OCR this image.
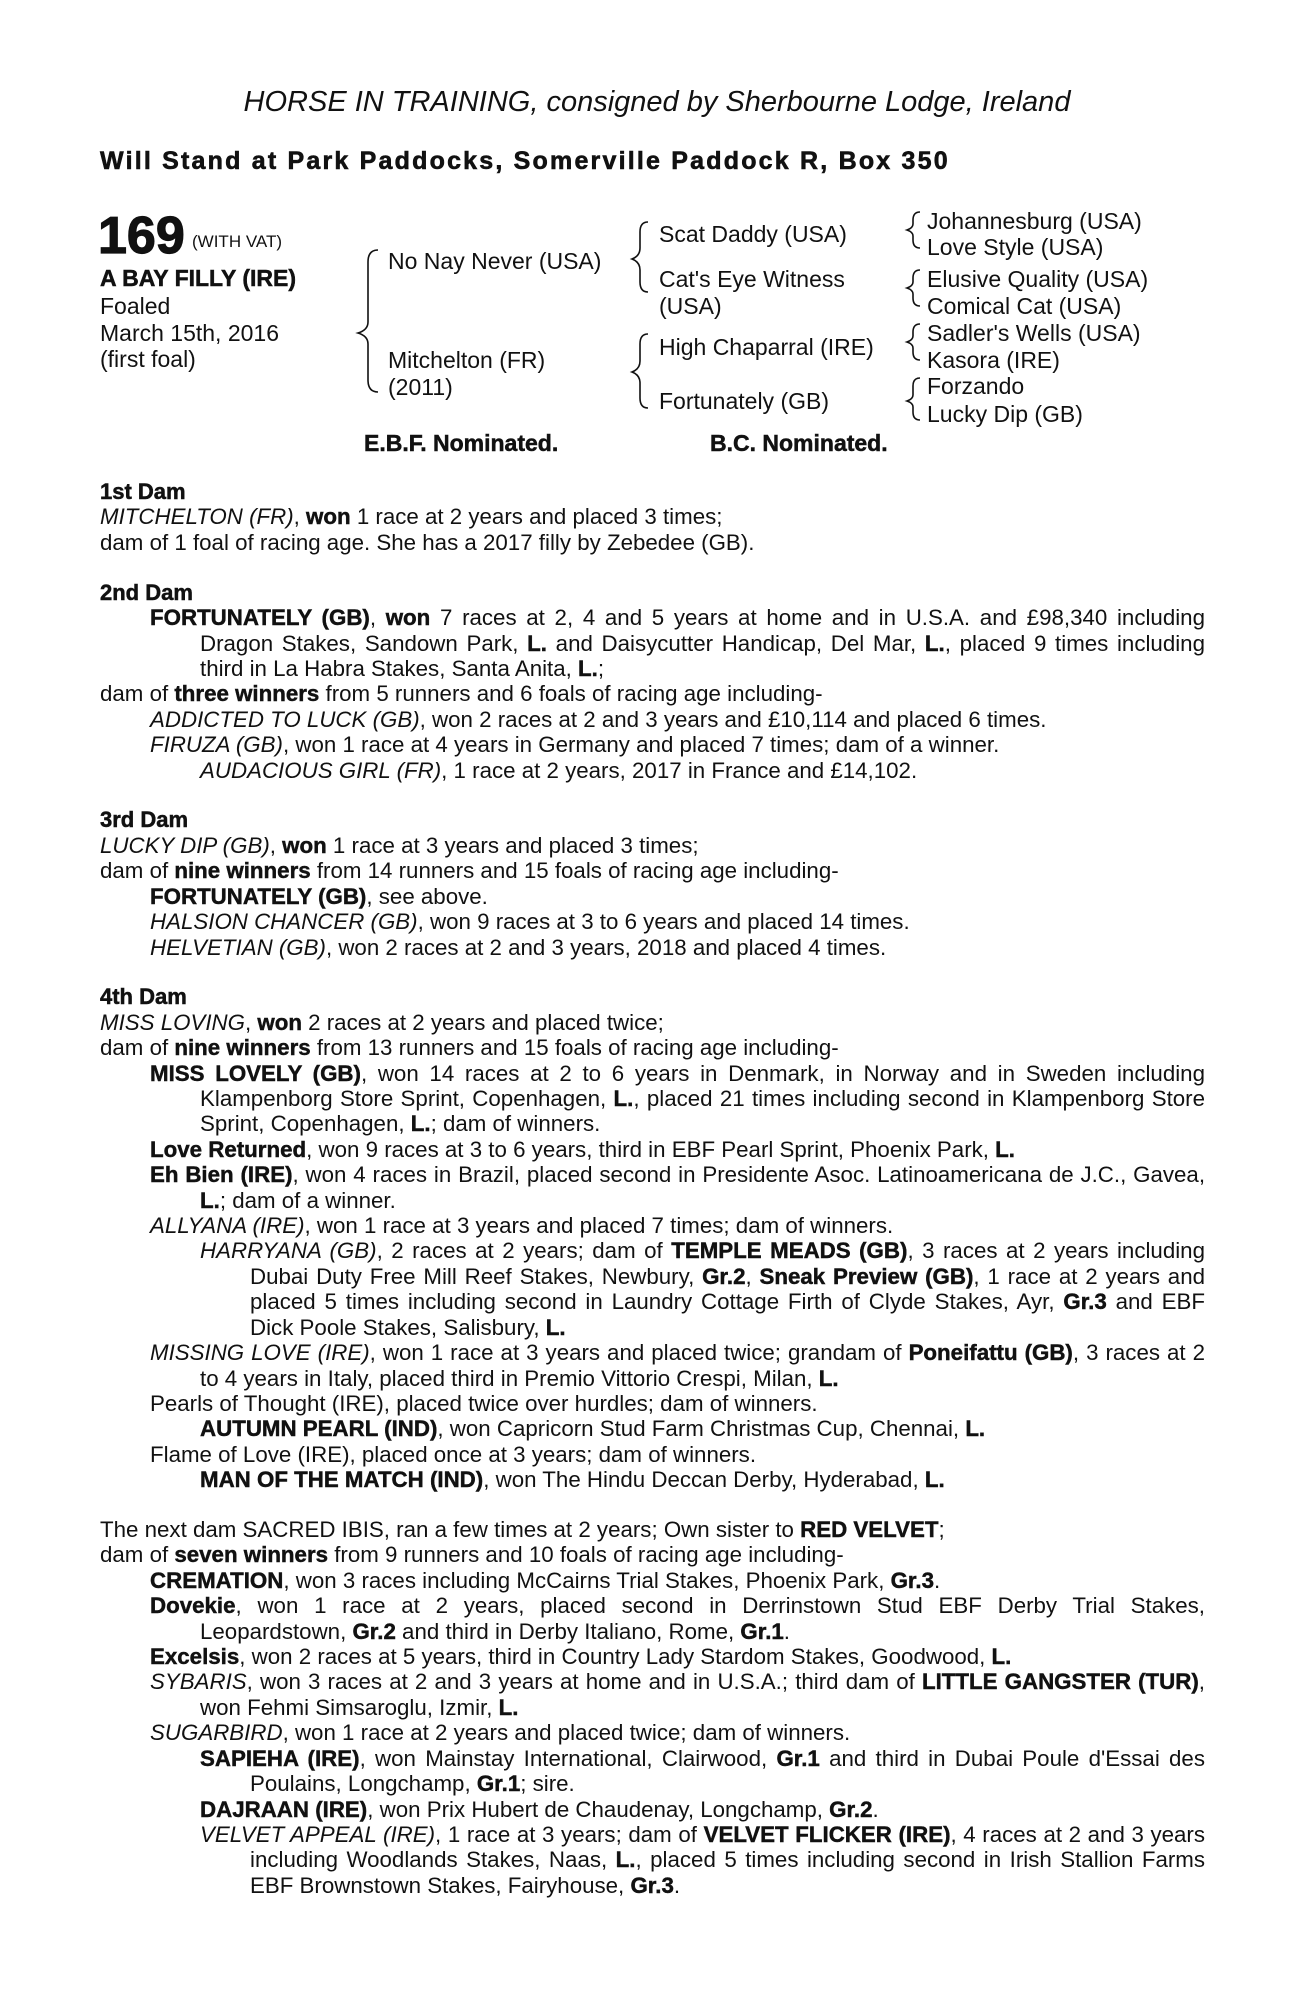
HORSE IN TRAINING, consigned by Sherbourne Lodge, Ireland
Will Stand at Park Paddocks, Somerville Paddock R, Box 350
169 (WITH VAT)
A BAY FILLY (IRE)
Foaled
March 15th, 2016
(first foal)
No Nay Never (USA)
Mitchelton (FR)
(2011)
Scat Daddy (USA)
Cat's Eye Witness
(USA)
High Chaparral (IRE)
Fortunately (GB)
Johannesburg (USA)
Love Style (USA)
Elusive Quality (USA)
Comical Cat (USA)
Sadler's Wells (USA)
Kasora (IRE)
Forzando
Lucky Dip (GB)
E.B.F. Nominated.	B.C. Nominated.
1st Dam
MITCHELTON (FR), won 1 race at 2 years and placed 3 times;
dam of 1 foal of racing age. She has a 2017 filly by Zebedee (GB).
2nd Dam
FORTUNATELY (GB), won 7 races at 2, 4 and 5 years at home and in U.S.A. and £98,340 including Dragon Stakes, Sandown Park, L. and Daisycutter Handicap, Del Mar, L., placed 9 times including third in La Habra Stakes, Santa Anita, L.;
dam of three winners from 5 runners and 6 foals of racing age including-
ADDICTED TO LUCK (GB), won 2 races at 2 and 3 years and £10,114 and placed 6 times.
FIRUZA (GB), won 1 race at 4 years in Germany and placed 7 times; dam of a winner.
AUDACIOUS GIRL (FR), 1 race at 2 years, 2017 in France and £14,102.
3rd Dam
LUCKY DIP (GB), won 1 race at 3 years and placed 3 times;
dam of nine winners from 14 runners and 15 foals of racing age including-
FORTUNATELY (GB), see above.
HALSION CHANCER (GB), won 9 races at 3 to 6 years and placed 14 times.
HELVETIAN (GB), won 2 races at 2 and 3 years, 2018 and placed 4 times.
4th Dam
MISS LOVING, won 2 races at 2 years and placed twice;
dam of nine winners from 13 runners and 15 foals of racing age including-
MISS LOVELY (GB), won 14 races at 2 to 6 years in Denmark, in Norway and in Sweden including Klampenborg Store Sprint, Copenhagen, L., placed 21 times including second in Klampenborg Store Sprint, Copenhagen, L.; dam of winners.
Love Returned, won 9 races at 3 to 6 years, third in EBF Pearl Sprint, Phoenix Park, L.
Eh Bien (IRE), won 4 races in Brazil, placed second in Presidente Asoc. Latinoamericana de J.C., Gavea, L.; dam of a winner.
ALLYANA (IRE), won 1 race at 3 years and placed 7 times; dam of winners.
HARRYANA (GB), 2 races at 2 years; dam of TEMPLE MEADS (GB), 3 races at 2 years including Dubai Duty Free Mill Reef Stakes, Newbury, Gr.2, Sneak Preview (GB), 1 race at 2 years and placed 5 times including second in Laundry Cottage Firth of Clyde Stakes, Ayr, Gr.3 and EBF Dick Poole Stakes, Salisbury, L.
MISSING LOVE (IRE), won 1 race at 3 years and placed twice; grandam of Poneifattu (GB), 3 races at 2 to 4 years in Italy, placed third in Premio Vittorio Crespi, Milan, L.
Pearls of Thought (IRE), placed twice over hurdles; dam of winners.
AUTUMN PEARL (IND), won Capricorn Stud Farm Christmas Cup, Chennai, L.
Flame of Love (IRE), placed once at 3 years; dam of winners.
MAN OF THE MATCH (IND), won The Hindu Deccan Derby, Hyderabad, L.
The next dam SACRED IBIS, ran a few times at 2 years; Own sister to RED VELVET;
dam of seven winners from 9 runners and 10 foals of racing age including-
CREMATION, won 3 races including McCairns Trial Stakes, Phoenix Park, Gr.3.
Dovekie, won 1 race at 2 years, placed second in Derrinstown Stud EBF Derby Trial Stakes, Leopardstown, Gr.2 and third in Derby Italiano, Rome, Gr.1.
Excelsis, won 2 races at 5 years, third in Country Lady Stardom Stakes, Goodwood, L.
SYBARIS, won 3 races at 2 and 3 years at home and in U.S.A.; third dam of LITTLE GANGSTER (TUR), won Fehmi Simsaroglu, Izmir, L.
SUGARBIRD, won 1 race at 2 years and placed twice; dam of winners.
SAPIEHA (IRE), won Mainstay International, Clairwood, Gr.1 and third in Dubai Poule d'Essai des Poulains, Longchamp, Gr.1; sire.
DAJRAAN (IRE), won Prix Hubert de Chaudenay, Longchamp, Gr.2.
VELVET APPEAL (IRE), 1 race at 3 years; dam of VELVET FLICKER (IRE), 4 races at 2 and 3 years including Woodlands Stakes, Naas, L., placed 5 times including second in Irish Stallion Farms EBF Brownstown Stakes, Fairyhouse, Gr.3.
